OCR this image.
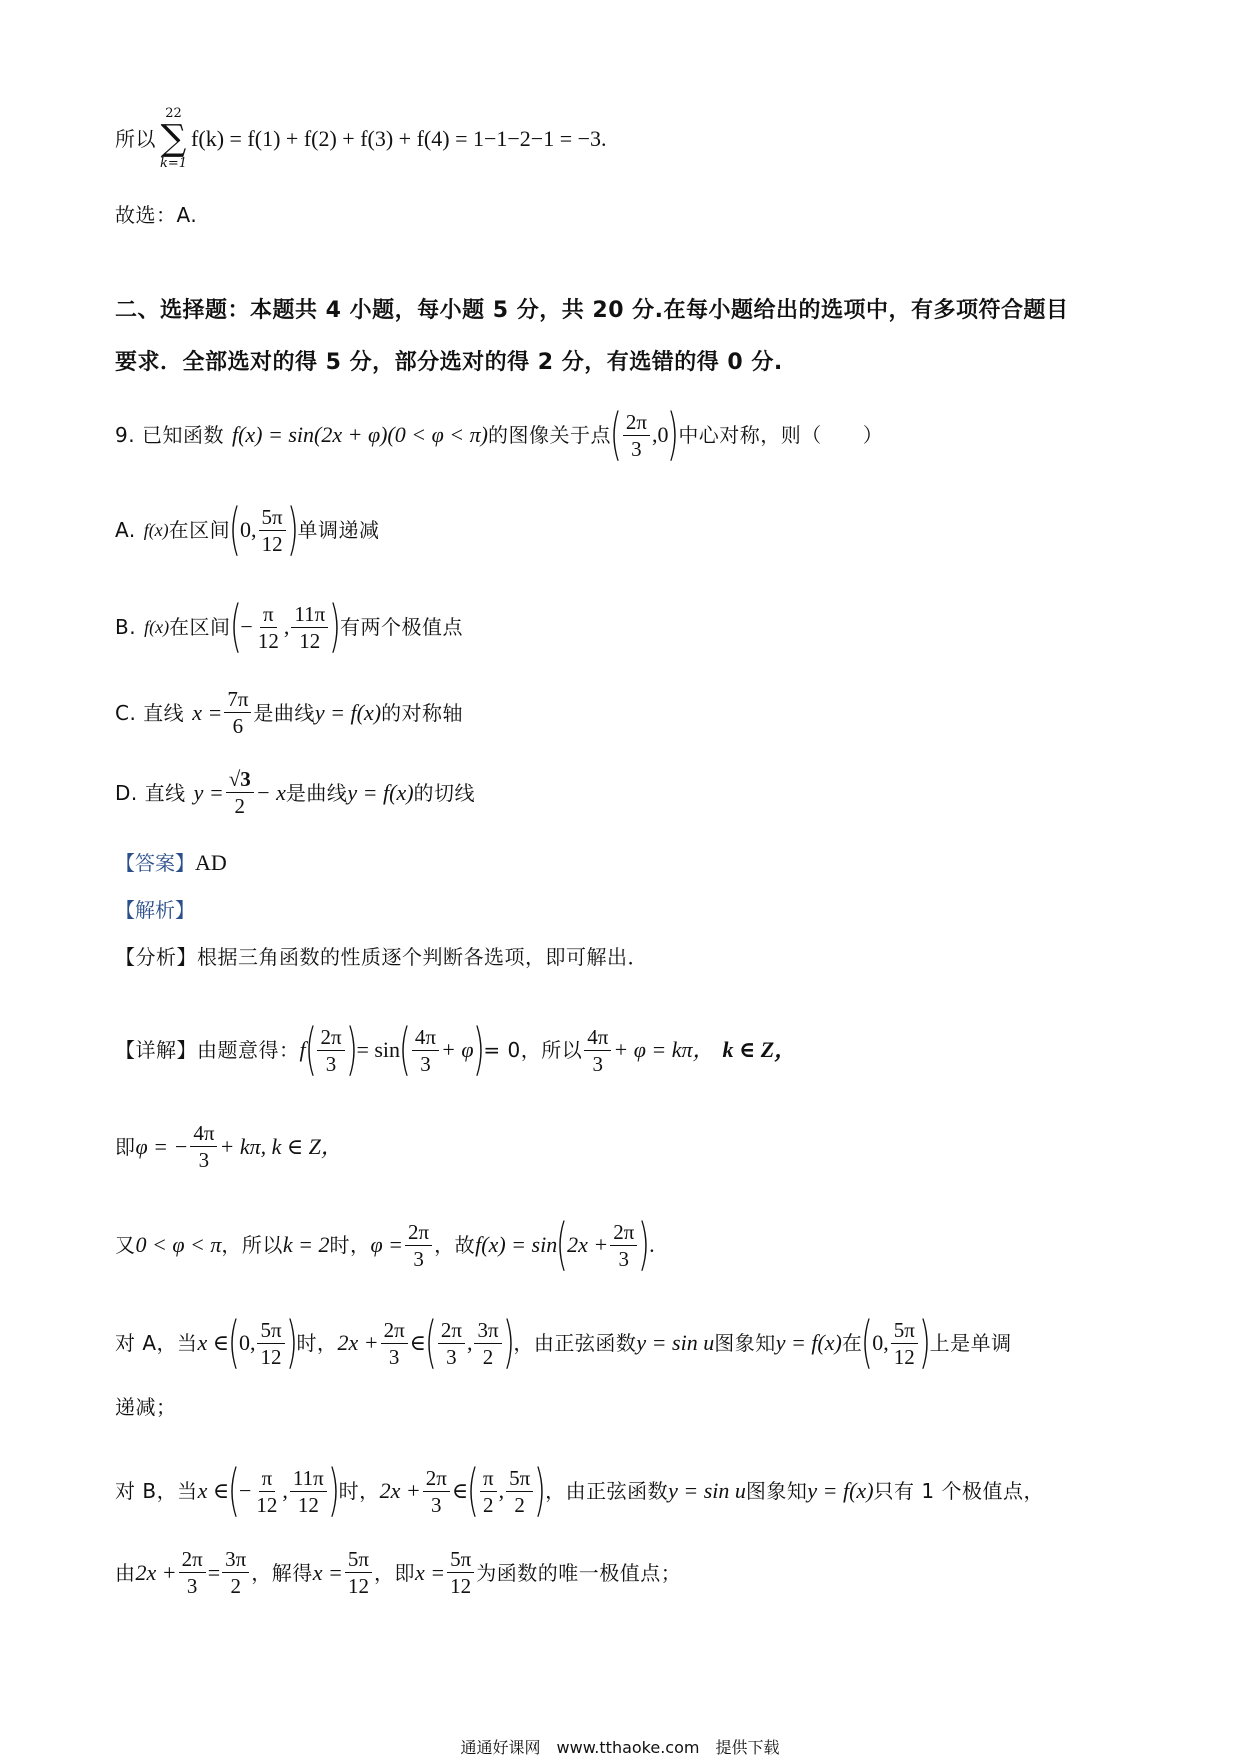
所以
22
∑
k=1
f(k) = f(1) + f(2) + f(3) + f(4) = 1−1−2−1 = −3 .
故选：A.
二、选择题：本题共 4 小题，每小题 5 分，共 20 分.在每小题给出的选项中，有多项符合题目
要求．全部选对的得 5 分，部分选对的得 2 分，有选错的得 0 分.
9. 已知函数 f(x) = sin(2x + φ)(0 < φ < π) 的图像关于点
( $\frac{2\pi}{3} ,0$
)
中心对称，则（　　）
A. f(x) 在区间
(
0, $\frac{5\pi}{12}$ )
单调递减
B. f(x) 在区间
(
− $\frac{\pi}{12}$ , $\frac{11\pi}{12}$ )
有两个极值点
C. 直线 $x = \frac{7\pi}{6}$ 是曲线 y = f(x) 的对称轴
D. 直线 $y = \frac{√3}{2} - x$ 是曲线 y = f(x) 的切线
【答案】 AD
【解析】
【分析】根据三角函数的性质逐个判断各选项，即可解出．
【详解】由题意得： f
( $\frac{2\pi}{3}$ )
= sin
( $\frac{4\pi}{3} + \varphi$
)
= 0，所以 $\frac{4\pi}{3} + \varphi = k\pi$， k ∈ Z，
即 φ = − $\frac{4\pi}{3} + k\pi$, k ∈ Z，
又 0 < φ < π ，所以 k = 2 时， $\varphi = \frac{2\pi}{3}$ ，故 f(x) = sin
(
$2x + \frac{2\pi}{3}$ )
.
对 A，当 x ∈
(
0, $\frac{5\pi}{12}$ )
时， $2x + \frac{2\pi}{3}$ ∈
( $\frac{2\pi}{3}$ , $\frac{3\pi}{2}$ )
，由正弦函数 y = sin u 图象知 y = f(x) 在
(
0, $\frac{5\pi}{12}$ )
上是单调
递减；
对 B，当 x ∈
(
− $\frac{\pi}{12}$ , $\frac{11\pi}{12}$ )
时， $2x + \frac{2\pi}{3}$ ∈
( $\frac{\pi}{2}$ , $\frac{5\pi}{2}$ )
，由正弦函数 y = sin u 图象知 y = f(x) 只有 1 个极值点，
由 $2x + \frac{2\pi}{3} = \frac{3\pi}{2}$ ，解得 $x = \frac{5\pi}{12}$ ，即 $x = \frac{5\pi}{12}$ 为函数的唯一极值点；
通通好课网　www.tthaoke.com　提供下载
